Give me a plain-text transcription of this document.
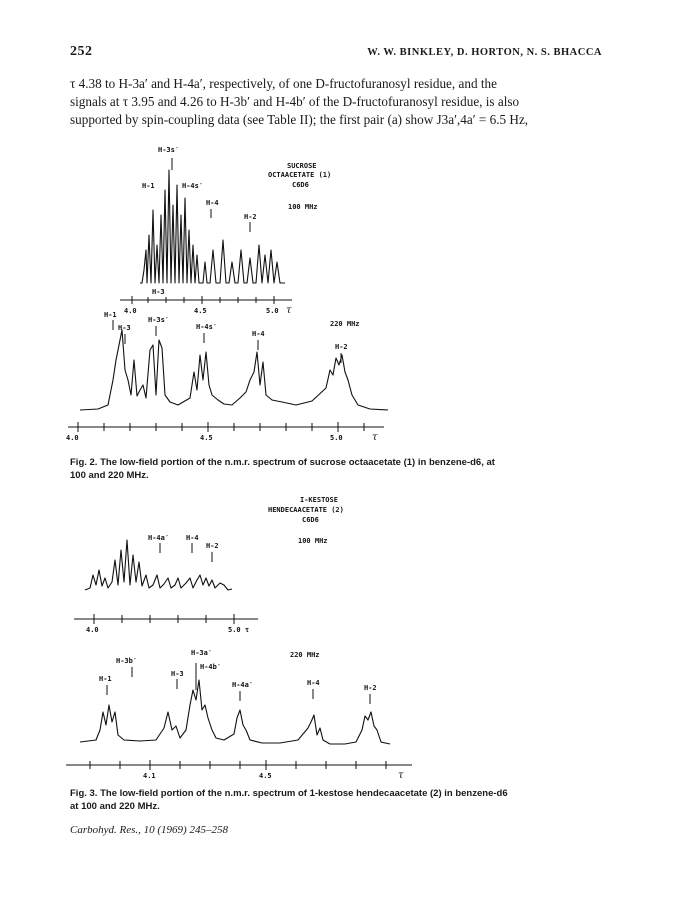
252	W. W. BINKLEY, D. HORTON, N. S. BHACCA
τ 4.38 to H-3a′ and H-4a′, respectively, of one D-fructofuranosyl residue, and the
signals at τ 3.95 and 4.26 to H-3b′ and H-4b′ of the D-fructofuranosyl residue, is also
supported by spin-coupling data (see Table II); the first pair (a) show J3a′,4a′ = 6.5 Hz,
H-3s′
H-1	H-4s′
H-4
H-2
H-3
4.0	4.5	5.0 τ
SUCROSE
OCTAACETATE (1)
C6D6
100 MHz
220 MHz
H-1
H-3
H-3s′
H-4s′
H-4
H-2
4.0	4.5	5.0	τ
Fig. 2. The low-field portion of the n.m.r. spectrum of sucrose octaacetate (1) in benzene-d6, at
100 and 220 MHz.
I-KESTOSE
HENDECAACETATE (2)
C6D6
100 MHz
H-4a′ H-4
H-2
4.0	5.0 τ
220 MHz
H-3b′
H-1
H-3
H-3a′
H-4b′
H-4a′	H-4
H-2
4.1	4.5	τ
Fig. 3. The low-field portion of the n.m.r. spectrum of 1-kestose hendecaacetate (2) in benzene-d6
at 100 and 220 MHz.
Carbohyd. Res., 10 (1969) 245–258
